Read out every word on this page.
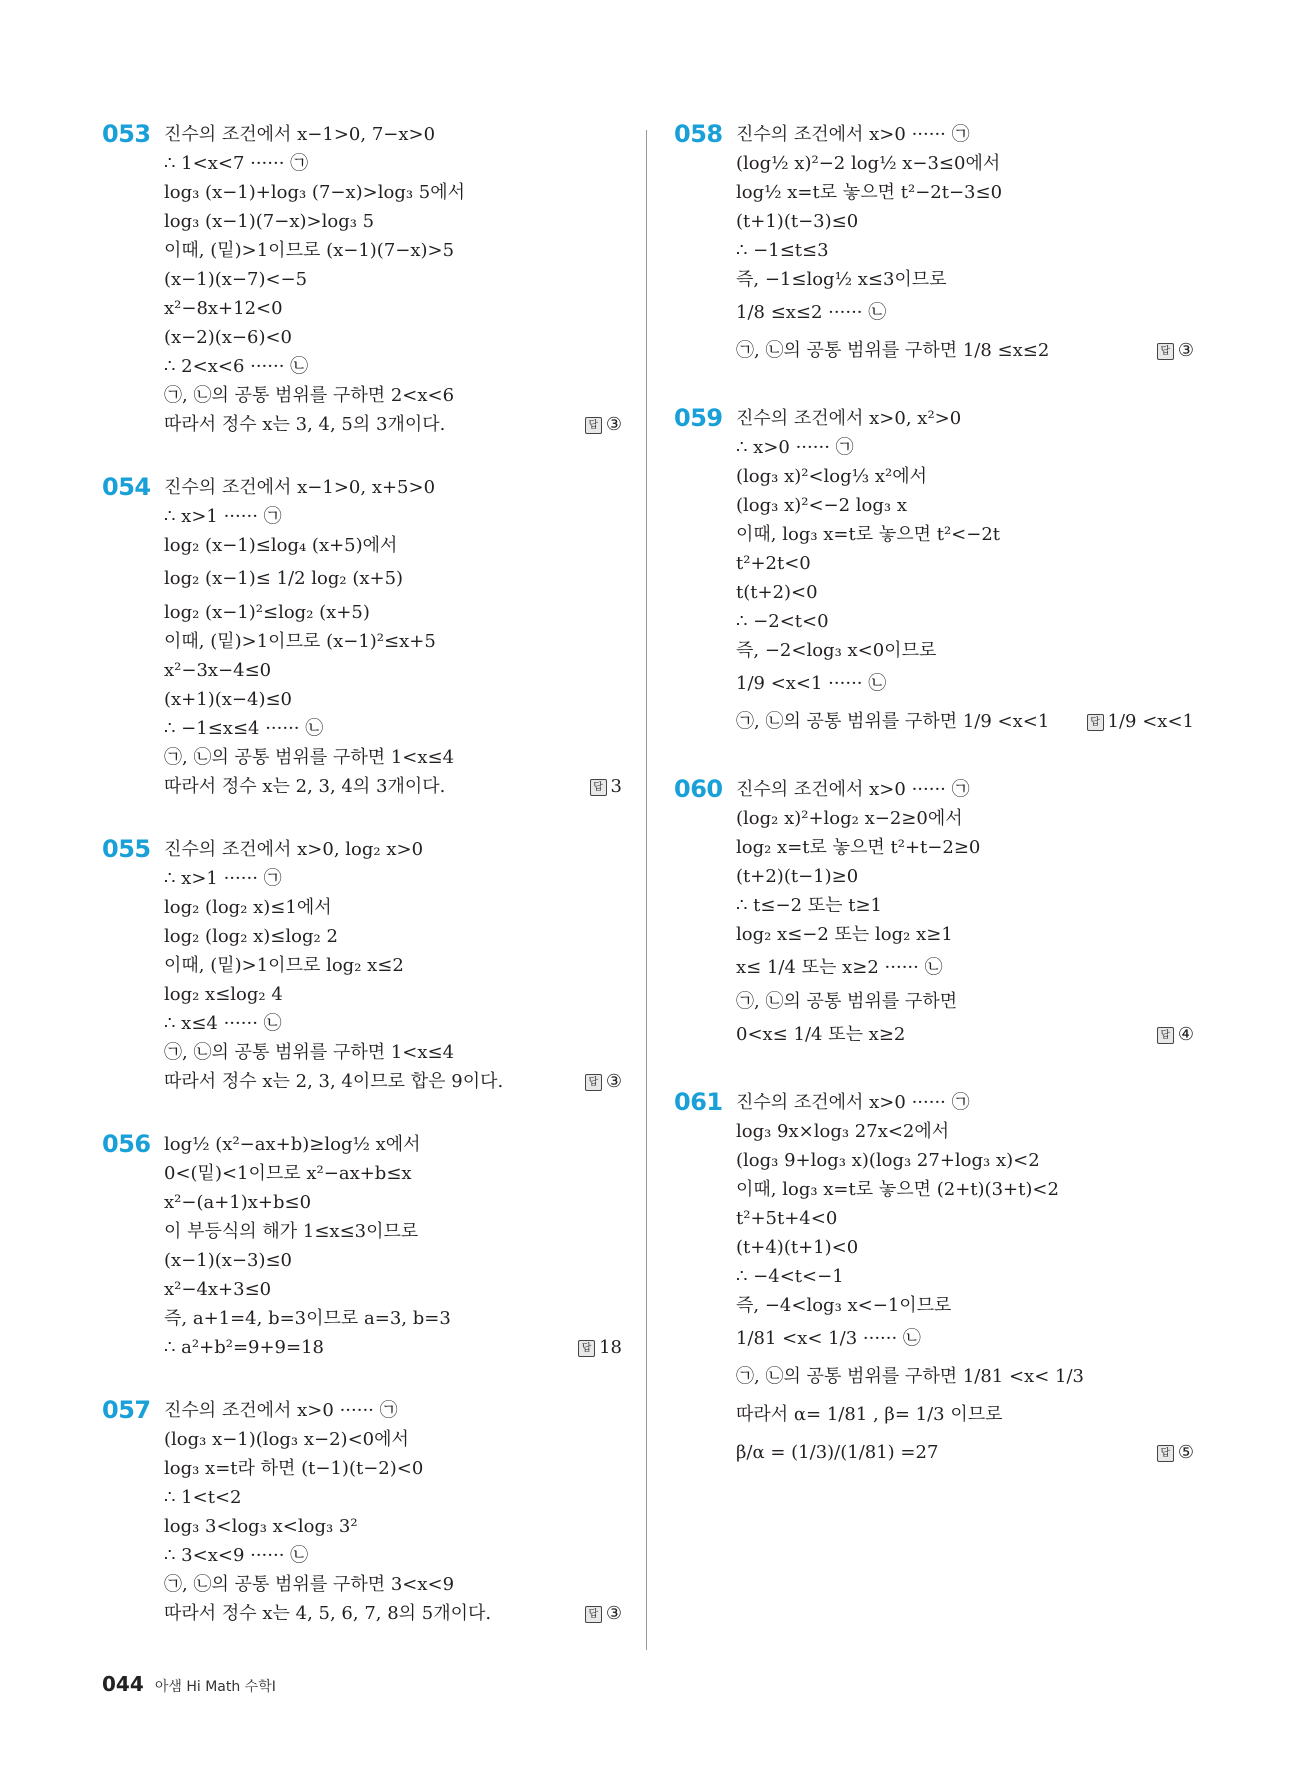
053 진수의 조건에서 x−1>0, 7−x>0
∴ 1<x<7 ······ ㉠
log₃ (x−1)+log₃ (7−x)>log₃ 5에서
log₃ (x−1)(7−x)>log₃ 5
이때, (밑)>1이므로 (x−1)(7−x)>5
(x−1)(x−7)<−5
x²−8x+12<0
(x−2)(x−6)<0
∴ 2<x<6 ······ ㉡
㉠, ㉡의 공통 범위를 구하면 2<x<6
따라서 정수 x는 3, 4, 5의 3개이다.	답 ③
054 진수의 조건에서 x−1>0, x+5>0
∴ x>1 ······ ㉠
log₂ (x−1)≤log₄ (x+5)에서
log₂ (x−1)≤ 1/2 log₂ (x+5)
log₂ (x−1)²≤log₂ (x+5)
이때, (밑)>1이므로 (x−1)²≤x+5
x²−3x−4≤0
(x+1)(x−4)≤0
∴ −1≤x≤4 ······ ㉡
㉠, ㉡의 공통 범위를 구하면 1<x≤4
따라서 정수 x는 2, 3, 4의 3개이다.	답 3
055 진수의 조건에서 x>0, log₂ x>0
∴ x>1 ······ ㉠
log₂ (log₂ x)≤1에서
log₂ (log₂ x)≤log₂ 2
이때, (밑)>1이므로 log₂ x≤2
log₂ x≤log₂ 4
∴ x≤4 ······ ㉡
㉠, ㉡의 공통 범위를 구하면 1<x≤4
따라서 정수 x는 2, 3, 4이므로 합은 9이다.	답 ③
056 log½ (x²−ax+b)≥log½ x에서
0<(밑)<1이므로 x²−ax+b≤x
x²−(a+1)x+b≤0
이 부등식의 해가 1≤x≤3이므로
(x−1)(x−3)≤0
x²−4x+3≤0
즉, a+1=4, b=3이므로 a=3, b=3
∴ a²+b²=9+9=18	답 18
057 진수의 조건에서 x>0 ······ ㉠
(log₃ x−1)(log₃ x−2)<0에서
log₃ x=t라 하면 (t−1)(t−2)<0
∴ 1<t<2
log₃ 3<log₃ x<log₃ 3²
∴ 3<x<9 ······ ㉡
㉠, ㉡의 공통 범위를 구하면 3<x<9
따라서 정수 x는 4, 5, 6, 7, 8의 5개이다.	답 ③
058 진수의 조건에서 x>0 ······ ㉠
(log½ x)²−2 log½ x−3≤0에서
log½ x=t로 놓으면 t²−2t−3≤0
(t+1)(t−3)≤0
∴ −1≤t≤3
즉, −1≤log½ x≤3이므로
1/8 ≤x≤2 ······ ㉡
㉠, ㉡의 공통 범위를 구하면 1/8 ≤x≤2	답 ③
059 진수의 조건에서 x>0, x²>0
∴ x>0 ······ ㉠
(log₃ x)²<log⅓ x²에서
(log₃ x)²<−2 log₃ x
이때, log₃ x=t로 놓으면 t²<−2t
t²+2t<0
t(t+2)<0
∴ −2<t<0
즉, −2<log₃ x<0이므로
1/9 <x<1 ······ ㉡
㉠, ㉡의 공통 범위를 구하면 1/9 <x<1	답 1/9 <x<1
060 진수의 조건에서 x>0 ······ ㉠
(log₂ x)²+log₂ x−2≥0에서
log₂ x=t로 놓으면 t²+t−2≥0
(t+2)(t−1)≥0
∴ t≤−2 또는 t≥1
log₂ x≤−2 또는 log₂ x≥1
x≤ 1/4 또는 x≥2 ······ ㉡
㉠, ㉡의 공통 범위를 구하면
0<x≤ 1/4 또는 x≥2	답 ④
061 진수의 조건에서 x>0 ······ ㉠
log₃ 9x×log₃ 27x<2에서
(log₃ 9+log₃ x)(log₃ 27+log₃ x)<2
이때, log₃ x=t로 놓으면 (2+t)(3+t)<2
t²+5t+4<0
(t+4)(t+1)<0
∴ −4<t<−1
즉, −4<log₃ x<−1이므로
1/81 <x< 1/3 ······ ㉡
㉠, ㉡의 공통 범위를 구하면 1/81 <x< 1/3
따라서 α= 1/81 , β= 1/3 이므로
β/α = (1/3)/(1/81) =27	답 ⑤
044 아샘 Hi Math 수학Ⅰ
